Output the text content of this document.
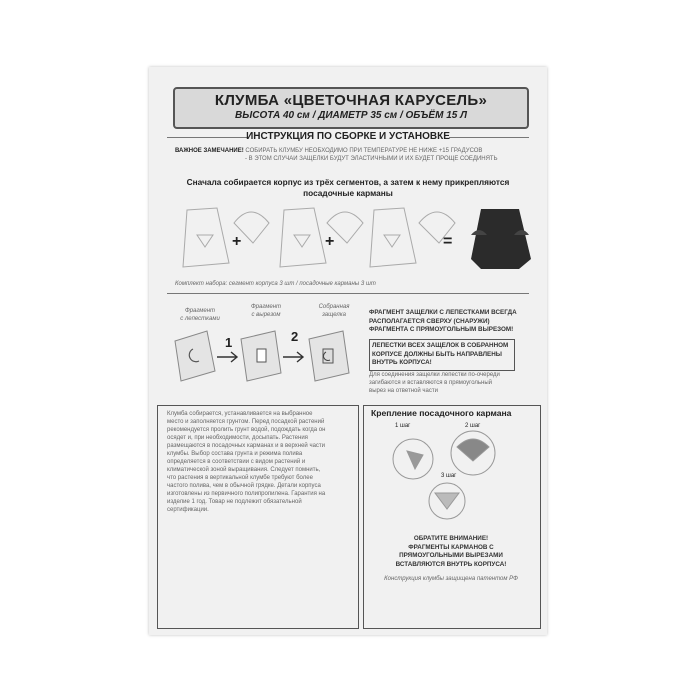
КЛУМБА «ЦВЕТОЧНАЯ КАРУСЕЛЬ»
ВЫСОТА 40 см / ДИАМЕТР 35 см / ОБЪЁМ 15 Л
ИНСТРУКЦИЯ ПО СБОРКЕ И УСТАНОВКЕ
ВАЖНОЕ ЗАМЕЧАНИЕ! СОБИРАТЬ КЛУМБУ НЕОБХОДИМО ПРИ ТЕМПЕРАТУРЕ НЕ НИЖЕ +15 ГРАДУСОВ
- В ЭТОМ СЛУЧАИ ЗАЩЕЛКИ БУДУТ ЭЛАСТИЧНЫМИ И ИХ БУДЕТ ПРОЩЕ СОЕДИНЯТЬ
Сначала собирается корпус из трёх сегментов, а затем к нему прикрепляются
посадочные карманы
+	+	=
Комплект набора: сегмент корпуса 3 шт / посадочные карманы 3 шт
Фрагмент
с лепестками
Фрагмент
с вырезом
Собранная
защелка
1	2
ФРАГМЕНТ ЗАЩЕЛКИ С ЛЕПЕСТКАМИ ВСЕГДА
РАСПОЛАГАЕТСЯ СВЕРХУ (СНАРУЖИ)
ФРАГМЕНТА С ПРЯМОУГОЛЬНЫМ ВЫРЕЗОМ!
ЛЕПЕСТКИ ВСЕХ ЗАЩЕЛОК В СОБРАННОМ
КОРПУСЕ ДОЛЖНЫ БЫТЬ НАПРАВЛЕНЫ
ВНУТРЬ КОРПУСА!
Для соединения защелки лепестки по-очереди
загибаются и вставляются в прямоугольный
вырез на ответной части
Клумба собирается, устанавливается на выбранное
место и заполняется грунтом. Перед посадкой растений
рекомендуется пролить грунт водой, подождать когда он
осядет и, при необходимости, досыпать. Растения
размещаются в посадочных карманах и в верхней части
клумбы. Выбор состава грунта и режима полива
определяется в соответствии с видом растений и
климатической зоной выращивания. Следует помнить,
что растения в вертикальной клумбе требуют более
частого полива, чем в обычной грядке. Детали корпуса
изготовлены из первичного полипропилена. Гарантия на
изделие 1 год. Товар не подлежит обязательной
сертификации.
Крепление посадочного кармана
1 шаг	2 шаг
3 шаг
ОБРАТИТЕ ВНИМАНИЕ!
ФРАГМЕНТЫ КАРМАНОВ С
ПРЯМОУГОЛЬНЫМИ ВЫРЕЗАМИ
ВСТАВЛЯЮТСЯ ВНУТРЬ КОРПУСА!
Конструкция клумбы защищена патентом РФ
